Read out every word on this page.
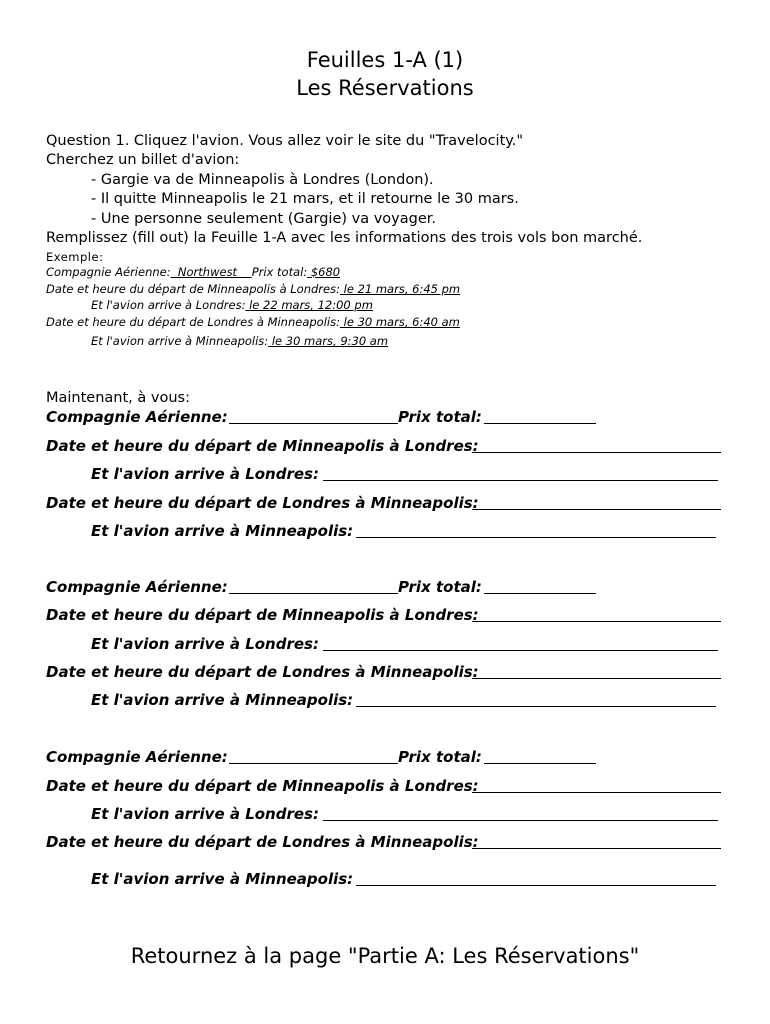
Feuilles 1-A (1)
Les Réservations
Question 1. Cliquez l'avion. Vous allez voir le site du "Travelocity."
Cherchez un billet d'avion:
- Gargie va de Minneapolis à Londres (London).
- Il quitte Minneapolis le 21 mars, et il retourne le 30 mars.
- Une personne seulement (Gargie) va voyager.
Remplissez (fill out) la Feuille 1-A avec les informations des trois vols bon marché.
Exemple:
Compagnie Aérienne:  Northwest    Prix total: $680
Date et heure du départ de Minneapolis à Londres: le 21 mars, 6:45 pm
Et l'avion arrive à Londres: le 22 mars, 12:00 pm
Date et heure du départ de Londres à Minneapolis: le 30 mars, 6:40 am
Et l'avion arrive à Minneapolis: le 30 mars, 9:30 am
Maintenant, à vous:
Compagnie Aérienne:	Prix total:
Date et heure du départ de Minneapolis à Londres:
Et l'avion arrive à Londres:
Date et heure du départ de Londres à Minneapolis:
Et l'avion arrive à Minneapolis:
Compagnie Aérienne:	Prix total:
Date et heure du départ de Minneapolis à Londres:
Et l'avion arrive à Londres:
Date et heure du départ de Londres à Minneapolis:
Et l'avion arrive à Minneapolis:
Compagnie Aérienne:	Prix total:
Date et heure du départ de Minneapolis à Londres:
Et l'avion arrive à Londres:
Date et heure du départ de Londres à Minneapolis:
Et l'avion arrive à Minneapolis:
Retournez à la page "Partie A: Les Réservations"
